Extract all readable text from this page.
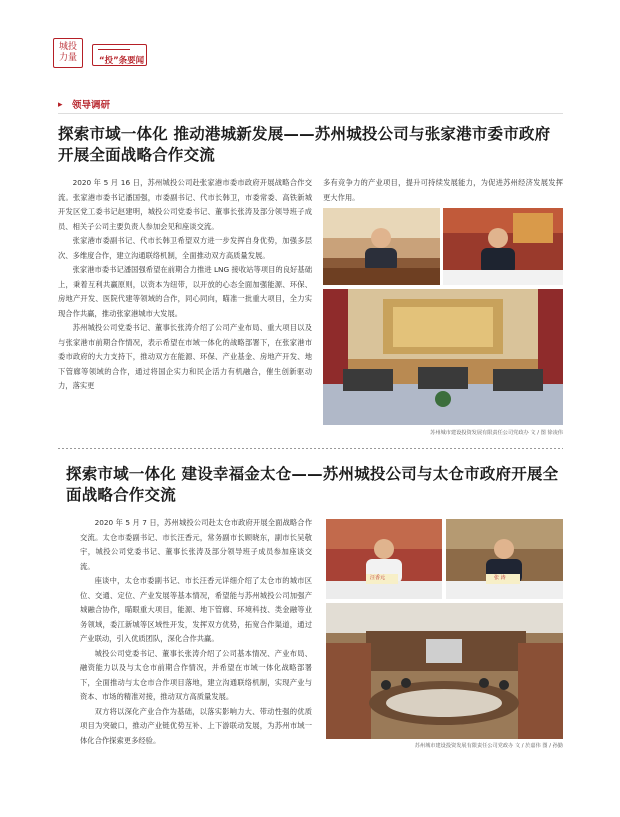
城投力量	“投”条要闻
▸ 领导调研
探索市域一体化 推动港城新发展——苏州城投公司与张家港市委市政府开展全面战略合作交流

2020 年 5 月 16 日，苏州城投公司赴张家港市委市政府开展战略合作交流。张家港市委书记潘国强，市委副书记、代市长韩卫，市委常委、高铁新城开发区党工委书记赵建明，城投公司党委书记、董事长张涛及部分领导班子成员、相关子公司主要负责人参加会见和座谈交流。

张家港市委副书记、代市长韩卫希望双方进一步发挥自身优势，加强多层次、多维度合作，建立沟通联络机制，全面推动双方高质量发展。

张家港市委书记潘国强希望在前期合力推进 LNG 接收站等项目的良好基础上，秉着互利共赢原则，以资本为纽带，以开放的心态全面加强能源、环保、房地产开发、医院代建等领域的合作，同心同向，瞄准一批重大项目，全力实现合作共赢，推动张家港城市大发展。

苏州城投公司党委书记、董事长张涛介绍了公司产业布局、重大项目以及与张家港市前期合作情况，表示希望在市域一体化的战略部署下，在张家港市委市政府的大力支持下，推动双方在能源、环保、产业基金、房地产开发、地下管廊等领域的合作，通过将国企实力和民企活力有机融合，催生创新驱动力，落实更

多有竞争力的产业项目，提升可持续发展能力，为促进苏州经济发展发挥更大作用。

苏州城市建设投资发展有限责任公司党政办 文 / 图 徐凌伟
探索市域一体化 建设幸福金太仓——苏州城投公司与太仓市政府开展全面战略合作交流

2020 年 5 月 7 日，苏州城投公司赴太仓市政府开展全面战略合作交流。太仓市委副书记、市长汪香元，常务副市长顾晓东，副市长吴敬宇，城投公司党委书记、董事长张涛及部分领导班子成员参加座谈交流。

座谈中，太仓市委副书记、市长汪香元详细介绍了太仓市的城市区位、交通、定位、产业发展等基本情况，希望能与苏州城投公司加强产城融合协作，瞄眼重大项目，能源、地下管廊、环境科技、类金融等业务领域，委江新城等区域性开发，发挥双方优势，拓宽合作渠道，通过产业联动，引入优质团队，深化合作共赢。

城投公司党委书记、董事长张涛介绍了公司基本情况、产业布局、融资能力以及与太仓市前期合作情况，并希望在市域一体化战略部署下，全面推动与太仓市合作项目落地，建立沟通联络机制，实现产业与资本、市场的精准对接，推动双方高质量发展。

双方将以深化产业合作为基础，以落实影响力大、带动性强的优质项目为突破口，推动产业链优势互补、上下游联动发展，为苏州市域一体化合作探索更多经验。

汪香元	张 涛
苏州城市建设投资发展有限责任公司党政办 文 / 於嘉伟 图 / 孙勤
